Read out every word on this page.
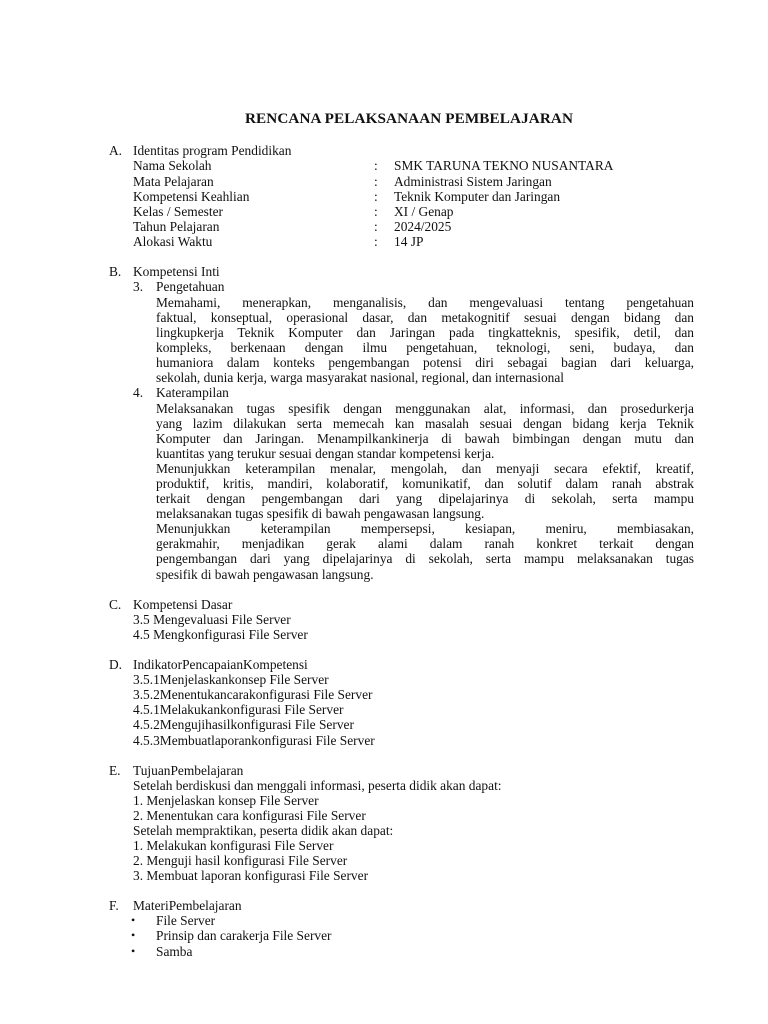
RENCANA PELAKSANAAN PEMBELAJARAN
A. Identitas program Pendidikan
Nama Sekolah	: SMK TARUNA TEKNO NUSANTARA
Mata Pelajaran	: Administrasi Sistem Jaringan
Kompetensi Keahlian	: Teknik Komputer dan Jaringan
Kelas / Semester	: XI / Genap
Tahun Pelajaran	: 2024/2025
Alokasi Waktu	: 14 JP
B. Kompetensi Inti
3. Pengetahuan
Memahami, menerapkan, menganalisis, dan mengevaluasi tentang pengetahuan
faktual, konseptual, operasional dasar, dan metakognitif sesuai dengan bidang dan
lingkupkerja Teknik Komputer dan Jaringan pada tingkatteknis, spesifik, detil, dan
kompleks, berkenaan dengan ilmu pengetahuan, teknologi, seni, budaya, dan
humaniora dalam konteks pengembangan potensi diri sebagai bagian dari keluarga,
sekolah, dunia kerja, warga masyarakat nasional, regional, dan internasional
4. Katerampilan
Melaksanakan tugas spesifik dengan menggunakan alat, informasi, dan prosedurkerja
yang lazim dilakukan serta memecah kan masalah sesuai dengan bidang kerja Teknik
Komputer dan Jaringan. Menampilkankinerja di bawah bimbingan dengan mutu dan
kuantitas yang terukur sesuai dengan standar kompetensi kerja.
Menunjukkan keterampilan menalar, mengolah, dan menyaji secara efektif, kreatif,
produktif, kritis, mandiri, kolaboratif, komunikatif, dan solutif dalam ranah abstrak
terkait dengan pengembangan dari yang dipelajarinya di sekolah, serta mampu
melaksanakan tugas spesifik di bawah pengawasan langsung.
Menunjukkan keterampilan mempersepsi, kesiapan, meniru, membiasakan,
gerakmahir, menjadikan gerak alami dalam ranah konkret terkait dengan
pengembangan dari yang dipelajarinya di sekolah, serta mampu melaksanakan tugas
spesifik di bawah pengawasan langsung.
C. Kompetensi Dasar
3.5 Mengevaluasi File Server
4.5 Mengkonfigurasi File Server
D. IndikatorPencapaianKompetensi
3.5.1Menjelaskankonsep File Server
3.5.2Menentukancarakonfigurasi File Server
4.5.1Melakukankonfigurasi File Server
4.5.2Mengujihasilkonfigurasi File Server
4.5.3Membuatlaporankonfigurasi File Server
E. TujuanPembelajaran
Setelah berdiskusi dan menggali informasi, peserta didik akan dapat:
1. Menjelaskan konsep File Server
2. Menentukan cara konfigurasi File Server
Setelah mempraktikan, peserta didik akan dapat:
1. Melakukan konfigurasi File Server
2. Menguji hasil konfigurasi File Server
3. Membuat laporan konfigurasi File Server
F. MateriPembelajaran
• File Server
• Prinsip dan carakerja File Server
• Samba
